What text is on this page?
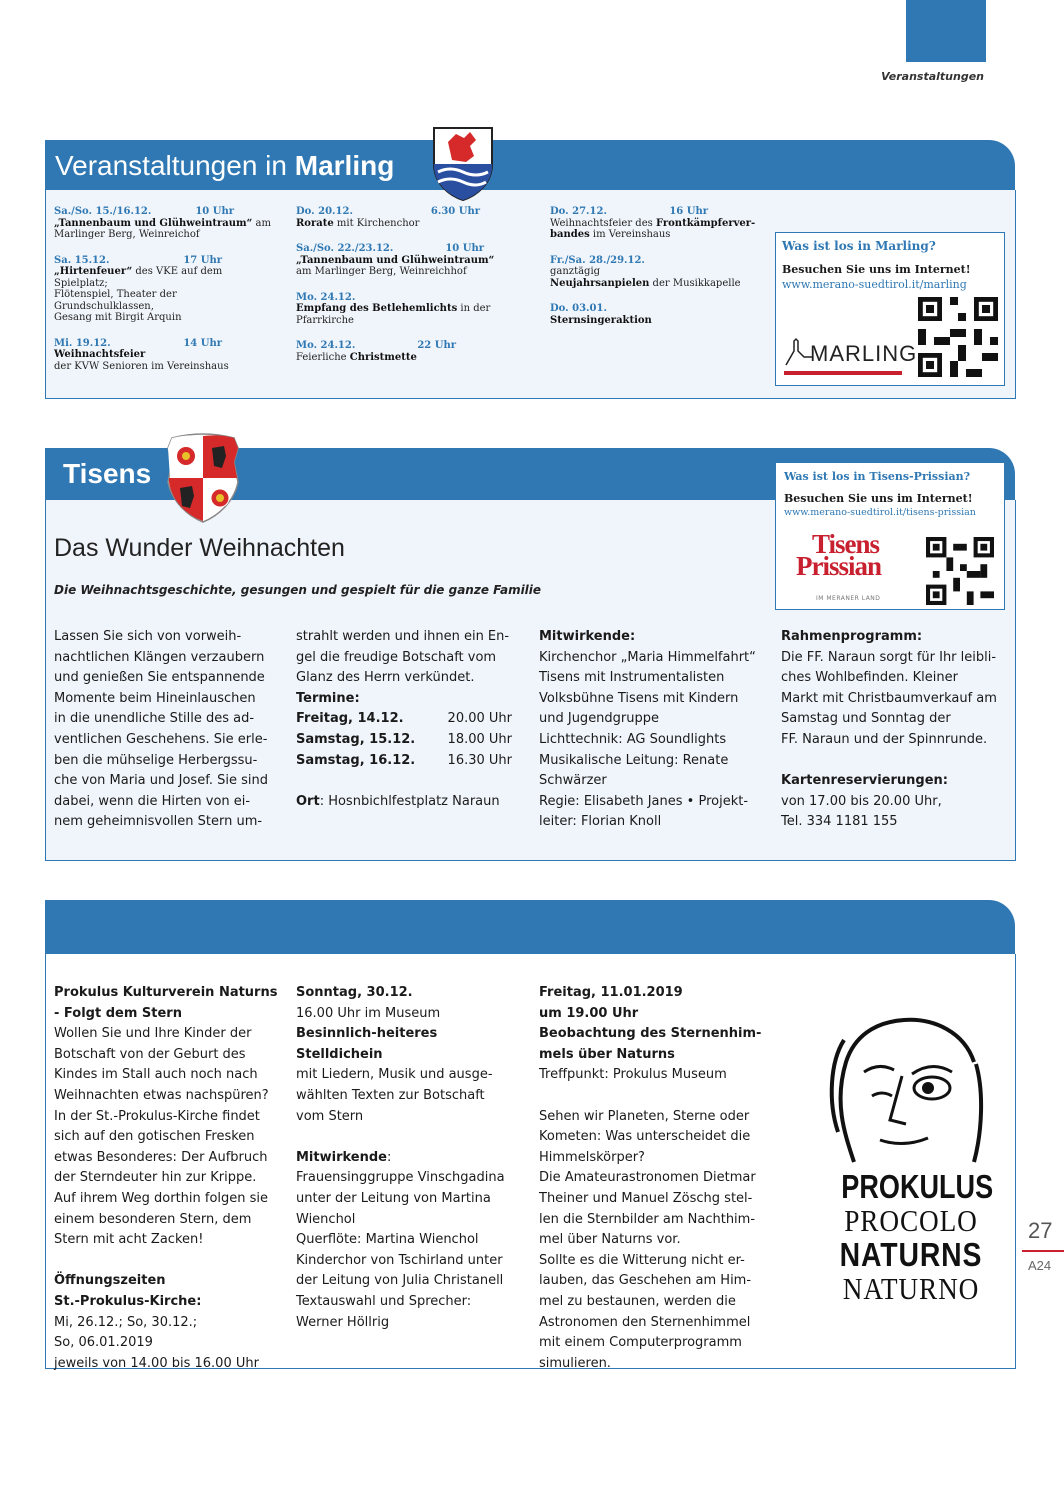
Veranstaltungen
Veranstaltungen in Marling
Sa./So. 15./16.12.	10 Uhr
„Tannenbaum und Glühweintraum“ am
Marlinger Berg, Weinreichof
Sa. 15.12.	17 Uhr
„Hirtenfeuer“ des VKE auf dem Spielplatz;
Flötenspiel, Theater der Grundschulklassen,
Gesang mit Birgit Arquin
Mi. 19.12.	14 Uhr
Weihnachtsfeier
der KVW Senioren im Vereinshaus
Do. 20.12.	6.30 Uhr
Rorate mit Kirchenchor
Sa./So. 22./23.12.	10 Uhr
„Tannenbaum und Glühweintraum“
am Marlinger Berg, Weinreichhof
Mo. 24.12.
Empfang des Betlehemlichts in der Pfarrkirche
Mo. 24.12.	22 Uhr
Feierliche Christmette
Do. 27.12.	16 Uhr
Weihnachtsfeier des Frontkämpferver-
bandes im Vereinshaus
Fr./Sa. 28./29.12.
ganztägig
Neujahrsanpielen der Musikkapelle
Do. 03.01.
Sternsingeraktion
Was ist los in Marling?
Besuchen Sie uns im Internet!
www.merano-suedtirol.it/marling
MARLING
Tisens
Das Wunder Weihnachten
Die Weihnachtsgeschichte, gesungen und gespielt für die ganze Familie
Was ist los in Tisens-Prissian?
Besuchen Sie uns im Internet!
www.merano-suedtirol.it/tisens-prissian
Tisens
Prissian
IM MERANER LAND
Lassen Sie sich von vorweih-
nachtlichen Klängen verzaubern
und genießen Sie entspannende
Momente beim Hineinlauschen
in die unendliche Stille des ad-
ventlichen Geschehens. Sie erle-
ben die mühselige Herbergssu-
che von Maria und Josef. Sie sind
dabei, wenn die Hirten von ei-
nem geheimnisvollen Stern um-
strahlt werden und ihnen ein En-
gel die freudige Botschaft vom
Glanz des Herrn verkündet.
Termine:
Freitag, 14.12.	20.00 Uhr
Samstag, 15.12. 18.00 Uhr
Samstag, 16.12. 16.30 Uhr
Ort: Hosnbichlfestplatz Naraun
Mitwirkende:
Kirchenchor „Maria Himmelfahrt“
Tisens mit Instrumentalisten
Volksbühne Tisens mit Kindern
und Jugendgruppe
Lichttechnik: AG Soundlights
Musikalische Leitung: Renate
Schwärzer
Regie: Elisabeth Janes • Projekt-
leiter: Florian Knoll
Rahmenprogramm:
Die FF. Naraun sorgt für Ihr leibli-
ches Wohlbefinden. Kleiner
Markt mit Christbaumverkauf am
Samstag und Sonntag der
FF. Naraun und der Spinnrunde.
Kartenreservierungen:
von 17.00 bis 20.00 Uhr,
Tel. 334 1181 155
Prokulus Kulturverein Naturns
- Folgt dem Stern
Wollen Sie und Ihre Kinder der
Botschaft von der Geburt des
Kindes im Stall auch noch nach
Weihnachten etwas nachspüren?
In der St.-Prokulus-Kirche findet
sich auf den gotischen Fresken
etwas Besonderes: Der Aufbruch
der Sterndeuter hin zur Krippe.
Auf ihrem Weg dorthin folgen sie
einem besonderen Stern, dem
Stern mit acht Zacken!
Öffnungszeiten
St.-Prokulus-Kirche:
Mi, 26.12.; So, 30.12.;
So, 06.01.2019
jeweils von 14.00 bis 16.00 Uhr
Sonntag, 30.12.
16.00 Uhr im Museum
Besinnlich-heiteres
Stelldichein
mit Liedern, Musik und ausge-
wählten Texten zur Botschaft
vom Stern
Mitwirkende:
Frauensinggruppe Vinschgadina
unter der Leitung von Martina
Wienchol
Querflöte: Martina Wienchol
Kinderchor von Tschirland unter
der Leitung von Julia Christanell
Textauswahl und Sprecher:
Werner Höllrig
Freitag, 11.01.2019
um 19.00 Uhr
Beobachtung des Sternenhim-
mels über Naturns
Treffpunkt: Prokulus Museum
Sehen wir Planeten, Sterne oder
Kometen: Was unterscheidet die
Himmelskörper?
Die Amateurastronomen Dietmar
Theiner und Manuel Zöschg stel-
len die Sternbilder am Nachthim-
mel über Naturns vor.
Sollte es die Witterung nicht er-
lauben, das Geschehen am Him-
mel zu bestaunen, werden die
Astronomen den Sternenhimmel
mit einem Computerprogramm
simulieren.
PROKULUS
PROCOLO
NATURNS
NATURNO
27
A24
